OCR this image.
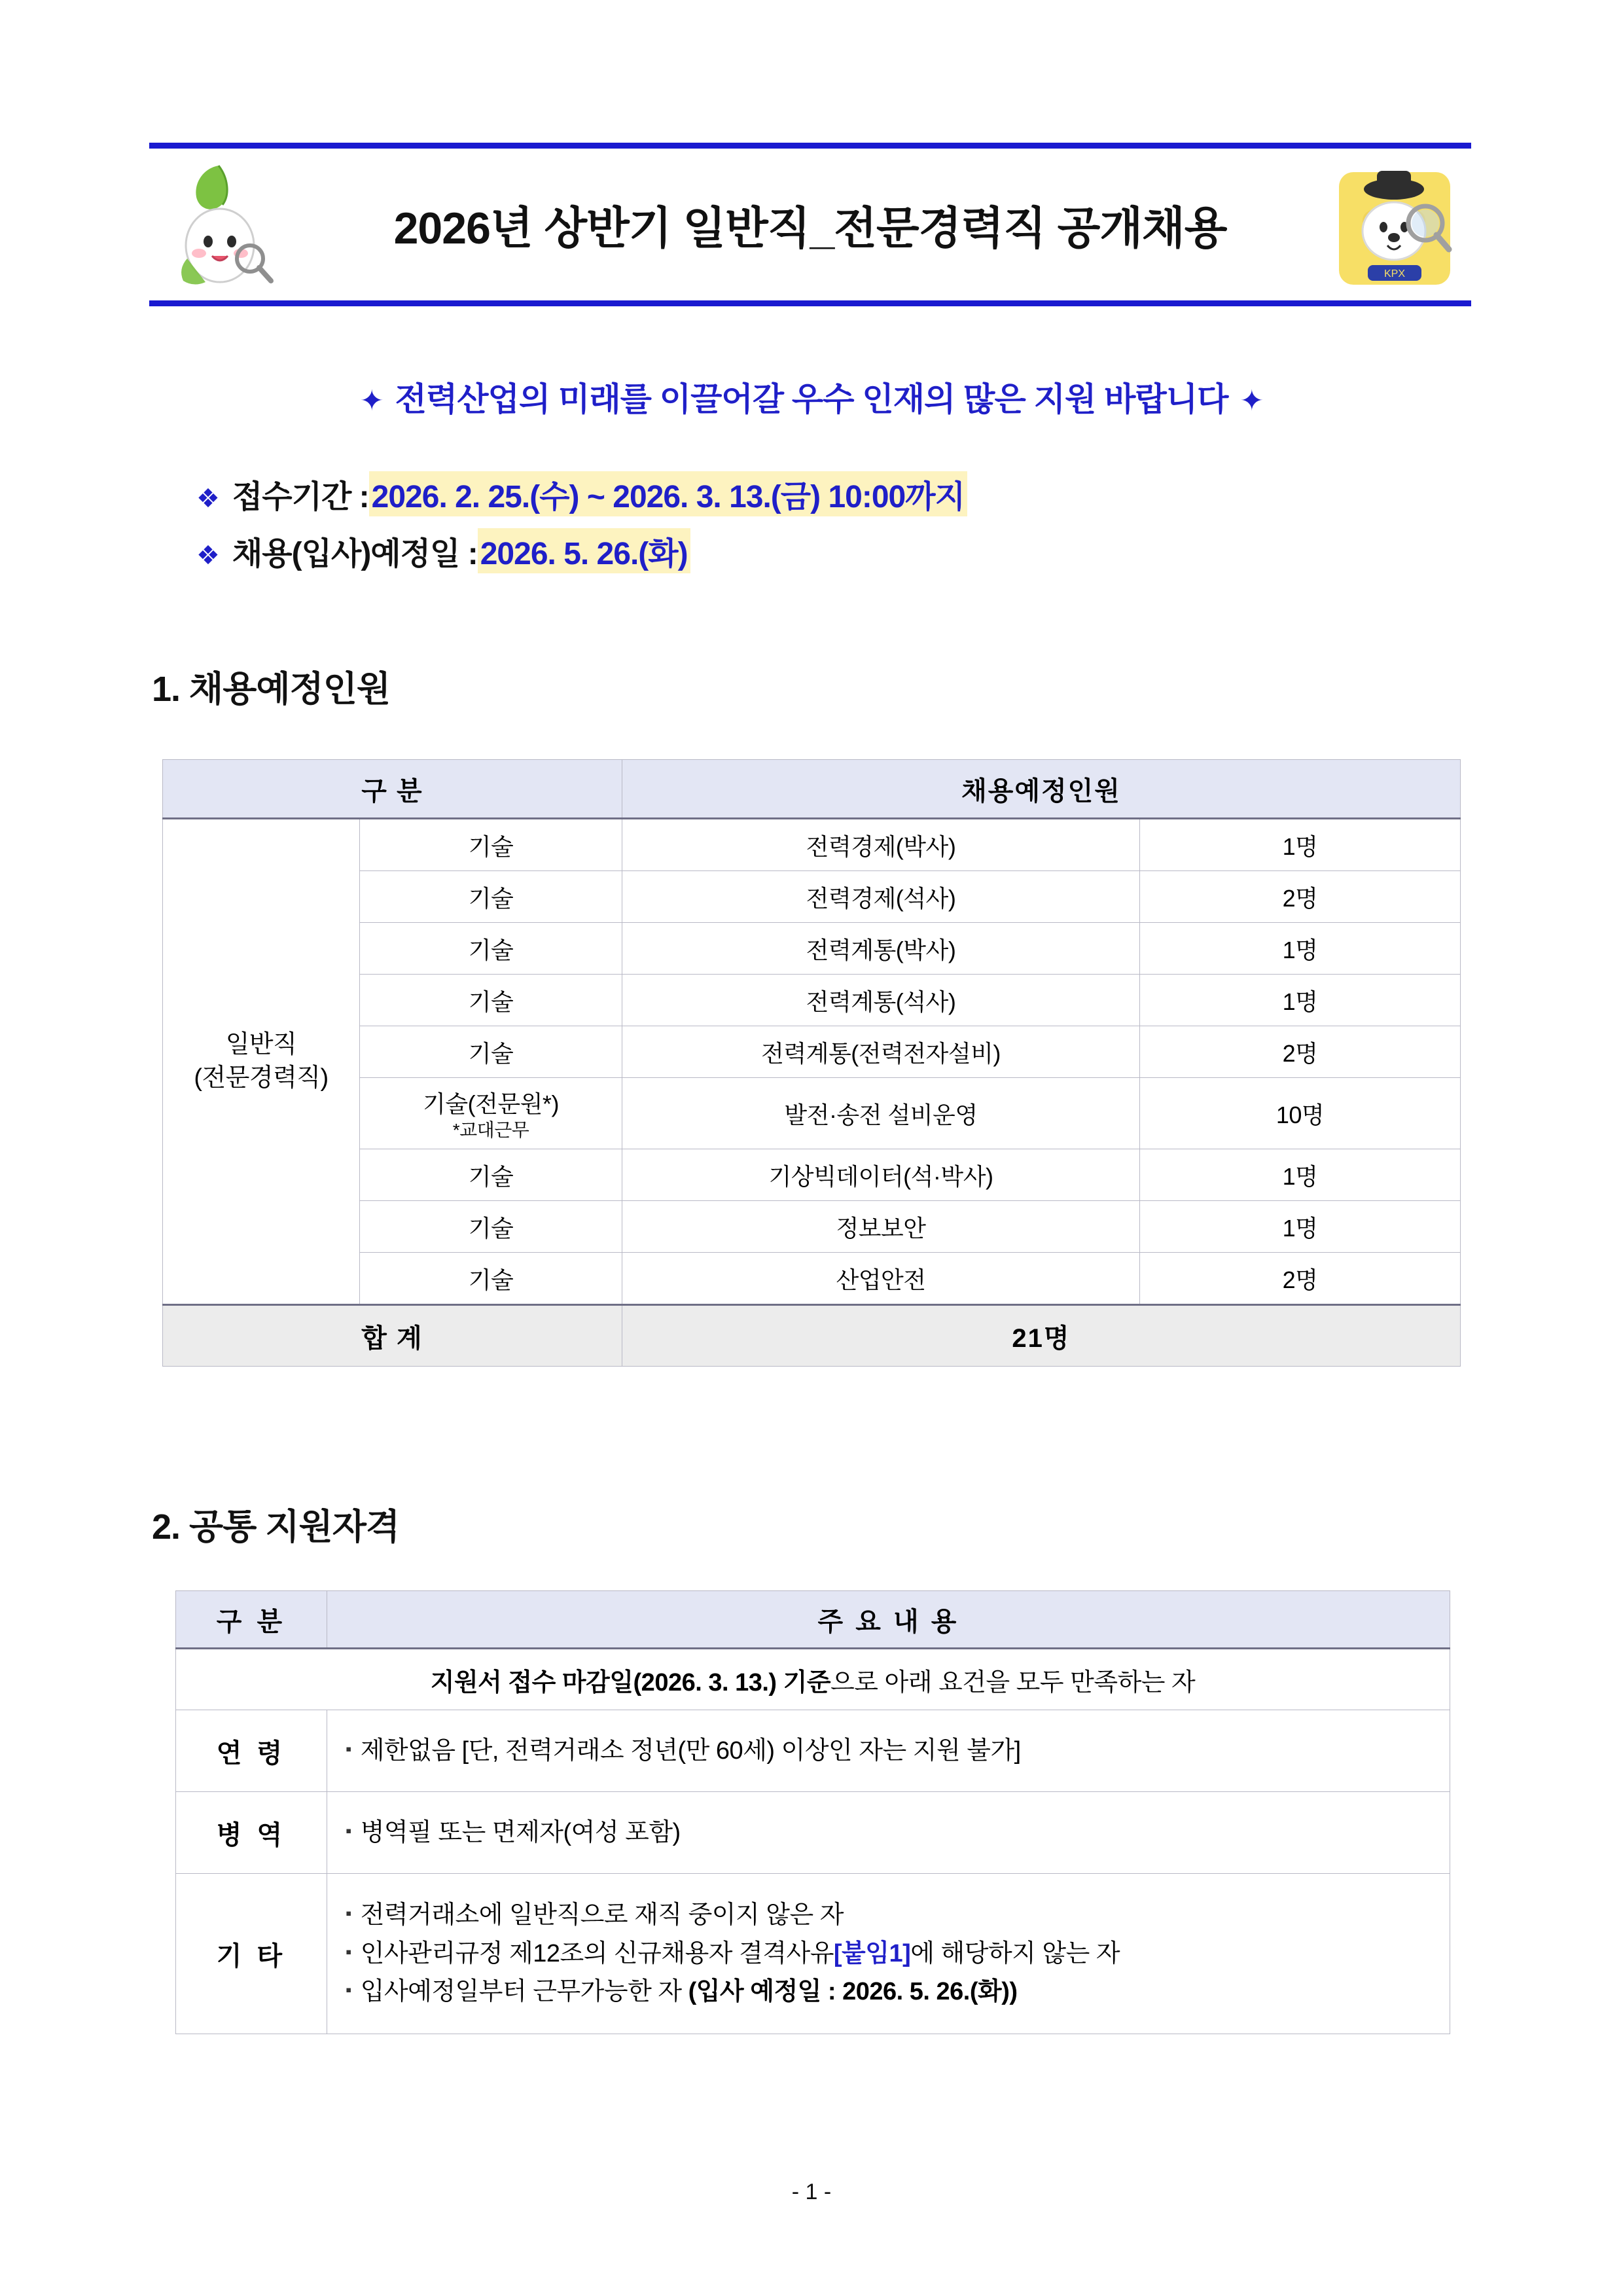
2026년 상반기 일반직_전문경력직 공개채용
KPX
✦ 전력산업의 미래를 이끌어갈 우수 인재의 많은 지원 바랍니다 ✦
❖ 접수기간 : 2026. 2. 25.(수) ~ 2026. 3. 13.(금) 10:00까지
❖ 채용(입사)예정일 : 2026. 5. 26.(화)
1. 채용예정인원
구 분		채용예정인원	
일반직
(전문경력직)	기술	전력경제(박사)	1명
	기술	전력경제(석사)	2명
	기술	전력계통(박사)	1명
	기술	전력계통(석사)	1명
	기술	전력계통(전력전자설비)	2명
	기술(전문원*)
*교대근무	발전·송전 설비운영	10명
	기술	기상빅데이터(석·박사)	1명
	기술	정보보안	1명
	기술	산업안전	2명
합 계		21명	
2. 공통 지원자격
구 분	주 요 내 용
지원서 접수 마감일(2026. 3. 13.) 기준으로 아래 요건을 모두 만족하는 자	
연 령	▪ 제한없음 [단, 전력거래소 정년(만 60세) 이상인 자는 지원 불가]

병 역	▪ 병역필 또는 면제자(여성 포함)

기 타	▪ 전력거래소에 일반직으로 재직 중이지 않은 자
▪ 인사관리규정 제12조의 신규채용자 결격사유[붙임1]에 해당하지 않는 자
▪ 입사예정일부터 근무가능한 자 (입사 예정일 : 2026. 5. 26.(화))
- 1 -
